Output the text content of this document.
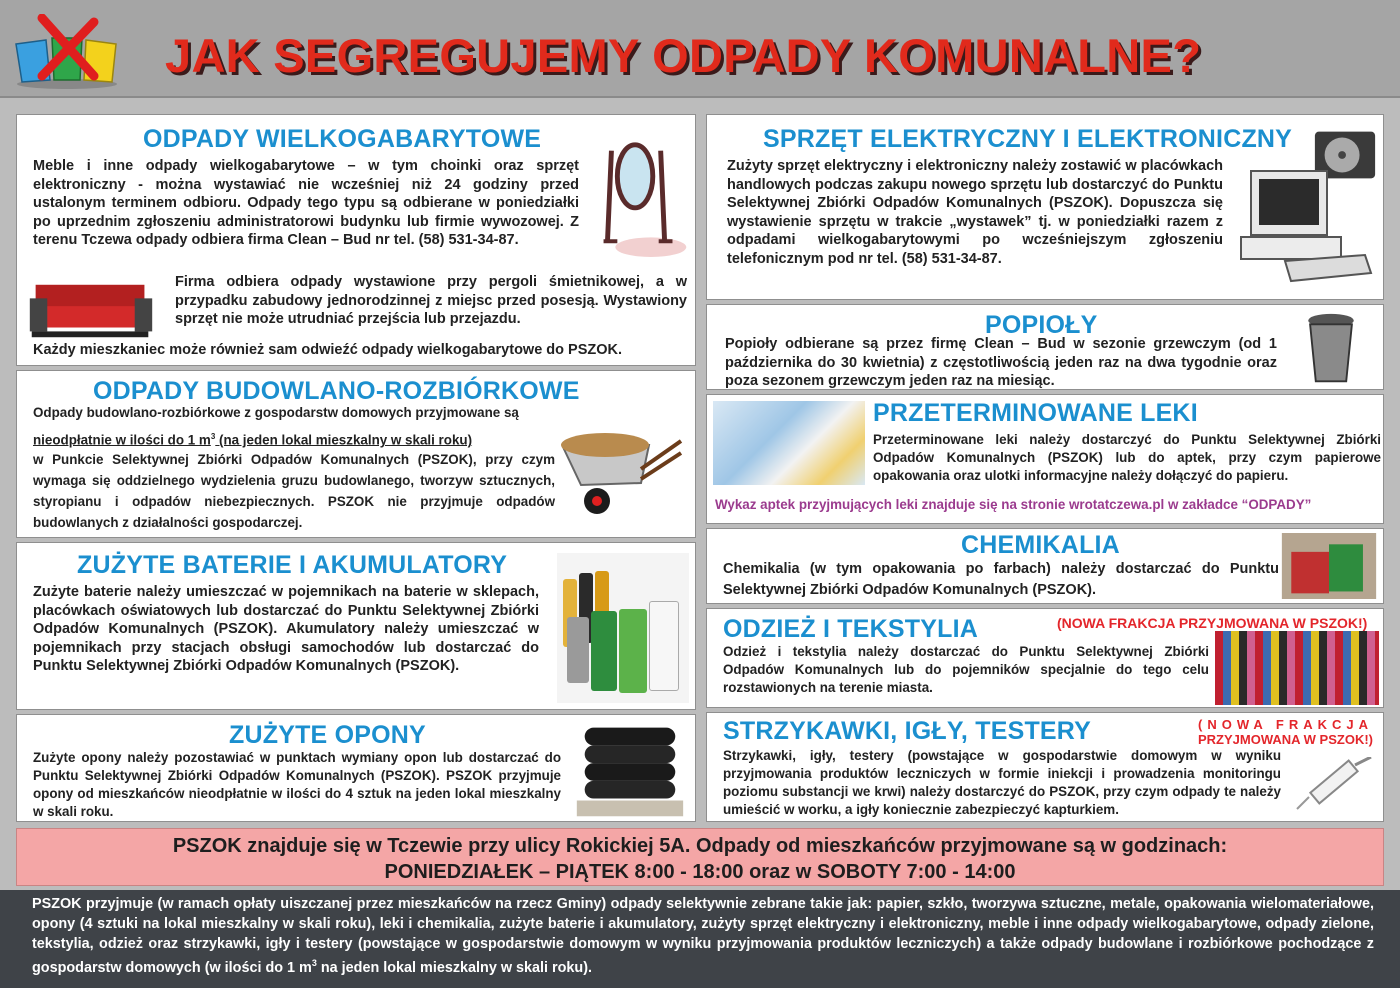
JAK SEGREGUJEMY ODPADY KOMUNALNE?
ODPADY WIELKOGABARYTOWE
Meble i inne odpady wielkogabarytowe – w tym choinki oraz sprzęt elektroniczny - można wystawiać nie wcześniej niż 24 godziny przed ustalonym terminem odbioru. Odpady tego typu są odbierane w poniedziałki po uprzednim zgłoszeniu administratorowi budynku lub firmie wywozowej. Z terenu Tczewa odpady odbiera firma Clean – Bud nr tel. (58) 531-34-87.
Firma odbiera odpady wystawione przy pergoli śmietnikowej, a w przypadku zabudowy jednorodzinnej z miejsc przed posesją. Wystawiony sprzęt nie może utrudniać przejścia lub przejazdu.
Każdy mieszkaniec może również sam odwieźć odpady wielkogabarytowe do PSZOK.
ODPADY BUDOWLANO-ROZBIÓRKOWE
Odpady budowlano-rozbiórkowe z gospodarstw domowych przyjmowane są
nieodpłatnie w ilości do 1 $m^3$ (na jeden lokal mieszkalny w skali roku)
w Punkcie Selektywnej Zbiórki Odpadów Komunalnych (PSZOK), przy czym wymaga się oddzielnego wydzielenia gruzu budowlanego, tworzyw sztucznych, styropianu i odpadów niebezpiecznych. PSZOK nie przyjmuje odpadów budowlanych z działalności gospodarczej.
ZUŻYTE BATERIE I AKUMULATORY
Zużyte baterie należy umieszczać w pojemnikach na baterie w sklepach, placówkach oświatowych lub dostarczać do Punktu Selektywnej Zbiórki Odpadów Komunalnych (PSZOK). Akumulatory należy umieszczać w pojemnikach przy stacjach obsługi samochodów lub dostarczać do Punktu Selektywnej Zbiórki Odpadów Komunalnych (PSZOK).
ZUŻYTE OPONY
Zużyte opony należy pozostawiać w punktach wymiany opon lub dostarczać do Punktu Selektywnej Zbiórki Odpadów Komunalnych (PSZOK). PSZOK przyjmuje opony od mieszkańców nieodpłatnie w ilości do 4 sztuk na jeden lokal mieszkalny w skali roku.
SPRZĘT ELEKTRYCZNY I ELEKTRONICZNY
Zużyty sprzęt elektryczny i elektroniczny należy zostawić w placówkach handlowych podczas zakupu nowego sprzętu lub dostarczyć do Punktu Selektywnej Zbiórki Odpadów Komunalnych (PSZOK). Dopuszcza się wystawienie sprzętu w trakcie „wystawek” tj. w poniedziałki razem z odpadami wielkogabarytowymi po wcześniejszym zgłoszeniu telefonicznym pod nr tel. (58) 531-34-87.
POPIOŁY
Popioły odbierane są przez firmę Clean – Bud w sezonie grzewczym (od 1 października do 30 kwietnia) z częstotliwością jeden raz na dwa tygodnie oraz poza sezonem grzewczym jeden raz na miesiąc.
PRZETERMINOWANE LEKI
Przeterminowane leki należy dostarczyć do Punktu Selektywnej Zbiórki Odpadów Komunalnych (PSZOK) lub do aptek, przy czym papierowe opakowania oraz ulotki informacyjne należy dołączyć do papieru.
Wykaz aptek przyjmujących leki znajduje się na stronie wrotatczewa.pl w zakładce “ODPADY”
CHEMIKALIA
Chemikalia (w tym opakowania po farbach) należy dostarczać do Punktu Selektywnej Zbiórki Odpadów Komunalnych (PSZOK).
ODZIEŻ I TEKSTYLIA	(NOWA FRAKCJA PRZYJMOWANA W PSZOK!)
Odzież i tekstylia należy dostarczać do Punktu Selektywnej Zbiórki Odpadów Komunalnych lub do pojemników specjalnie do tego celu rozstawionych na terenie miasta.
STRZYKAWKI, IGŁY, TESTERY	(NOWA FRAKCJA
PRZYJMOWANA W PSZOK!)
Strzykawki, igły, testery (powstające w gospodarstwie domowym w wyniku przyjmowania produktów leczniczych w formie iniekcji i prowadzenia monitoringu poziomu substancji we krwi) należy dostarczyć do PSZOK, przy czym odpady te należy umieścić w worku, a igły koniecznie zabezpieczyć kapturkiem.
PSZOK znajduje się w Tczewie przy ulicy Rokickiej 5A. Odpady od mieszkańców przyjmowane są w godzinach:
PONIEDZIAŁEK – PIĄTEK 8:00 - 18:00 oraz w SOBOTY 7:00 - 14:00
PSZOK przyjmuje (w ramach opłaty uiszczanej przez mieszkańców na rzecz Gminy) odpady selektywnie zebrane takie jak: papier, szkło, tworzywa sztuczne, metale, opakowania wielomateriałowe, opony (4 sztuki na lokal mieszkalny w skali roku), leki i chemikalia, zużyte baterie i akumulatory, zużyty sprzęt elektryczny i elektroniczny, meble i inne odpady wielkogabarytowe, odpady zielone, tekstylia, odzież oraz strzykawki, igły i testery (powstające w gospodarstwie domowym w wyniku przyjmowania produktów leczniczych) a także odpady budowlane i rozbiórkowe pochodzące z gospodarstw domowych (w ilości do 1 $m^3$ na jeden lokal mieszkalny w skali roku).
